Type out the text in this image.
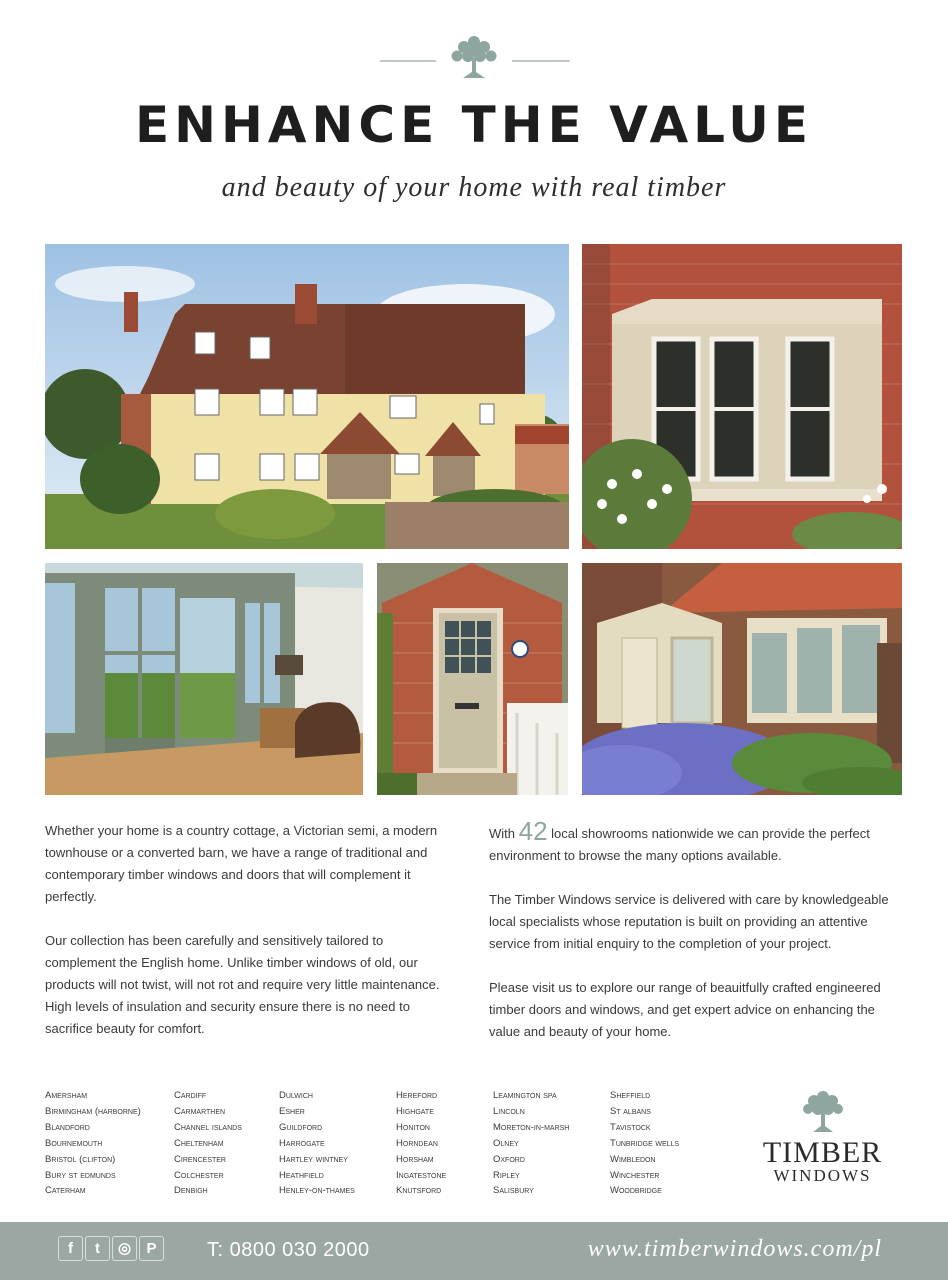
ENHANCE THE VALUE
and beauty of your home with real timber

Whether your home is a country cottage, a Victorian semi, a modern townhouse or a converted barn, we have a range of traditional and contemporary timber windows and doors that will complement it perfectly.

Our collection has been carefully and sensitively tailored to complement the English home. Unlike timber windows of old, our products will not twist, will not rot and require very little maintenance. High levels of insulation and security ensure there is no need to sacrifice beauty for comfort.

With 42 local showrooms nationwide we can provide the perfect environment to browse the many options available.

The Timber Windows service is delivered with care by knowledgeable local specialists whose reputation is built on providing an attentive service from initial enquiry to the completion of your project.

Please visit us to explore our range of beauitfully crafted engineered timber doors and windows, and get expert advice on enhancing the value and beauty of your home.

Amersham
Birmingham (harborne)
Blandford
Bournemouth
Bristol (clifton)
Bury st edmunds
Caterham
Cardiff
Carmarthen
Channel islands
Cheltenham
Cirencester
Colchester
Denbigh
Dulwich
Esher
Guildford
Harrogate
Hartley wintney
Heathfield
Henley-on-thames
Hereford
Highgate
Honiton
Horndean
Horsham
Ingatestone
Knutsford
Leamington spa
Lincoln
Moreton-in-marsh
Olney
Oxford
Ripley
Salisbury
Sheffield
St albans
Tavistock
Tunbridge wells
Wimbledon
Winchester
Woodbridge
TIMBER
WINDOWS
f	t	◎	P	T: 0800 030 2000	www.timberwindows.com/pl
